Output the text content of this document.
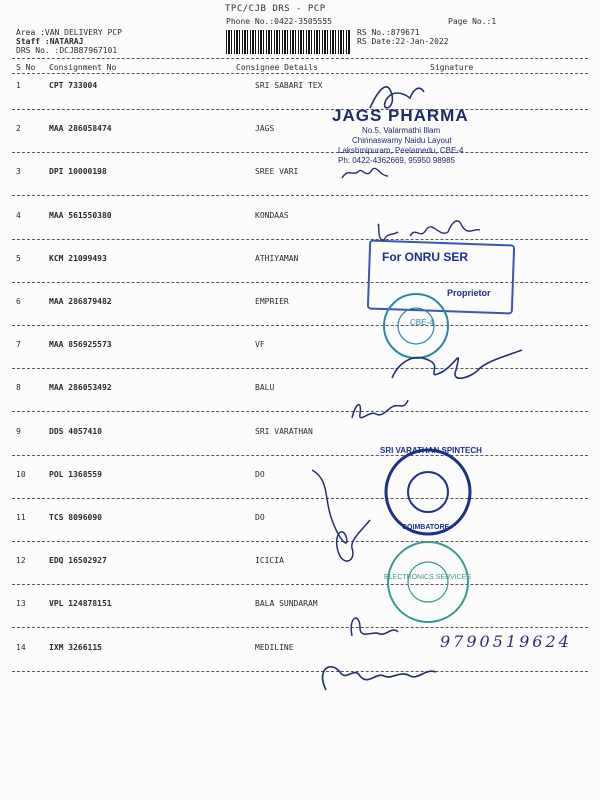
TPC/CJB DRS - PCP
Phone No.:0422-3505555	Page No.:1
Area :VAN DELIVERY PCP
Staff :NATARAJ
DRS No. :DCJB87967101
RS No.:879671
RS Date:22-Jan-2022
S No Consignment No	Consignee Details	Signature
1	CPT 733004	SRI SABARI TEX
2	MAA 286058474	JAGS
3	DPI 10000198	SREE VARI
4	MAA 561550380	KONDAAS
5	KCM 21099493	ATHIYAMAN
6	MAA 286879482	EMPRIER
7	MAA 856925573	VF
8	MAA 286053492	BALU
9	DDS 4057410	SRI VARATHAN
10	POL 1368559	DO
11	TCS 8096090	DO
12	EDQ 16502927	ICICIA
13	VPL 124878151	BALA SUNDARAM
14	IXM 3266115	MEDILINE
JAGS PHARMA
No.5, Valarmathi Illam
Chinnaswamy Naidu Layout
Lakshmipuram, Peelamedu, CBE-4
Ph: 0422-4362669, 95950 98985
For ONRU SER
Proprietor
CBE-4
SRI VARATHAN SPINTECH
COIMBATORE
ELECTRONICS SERVICES
9790519624
